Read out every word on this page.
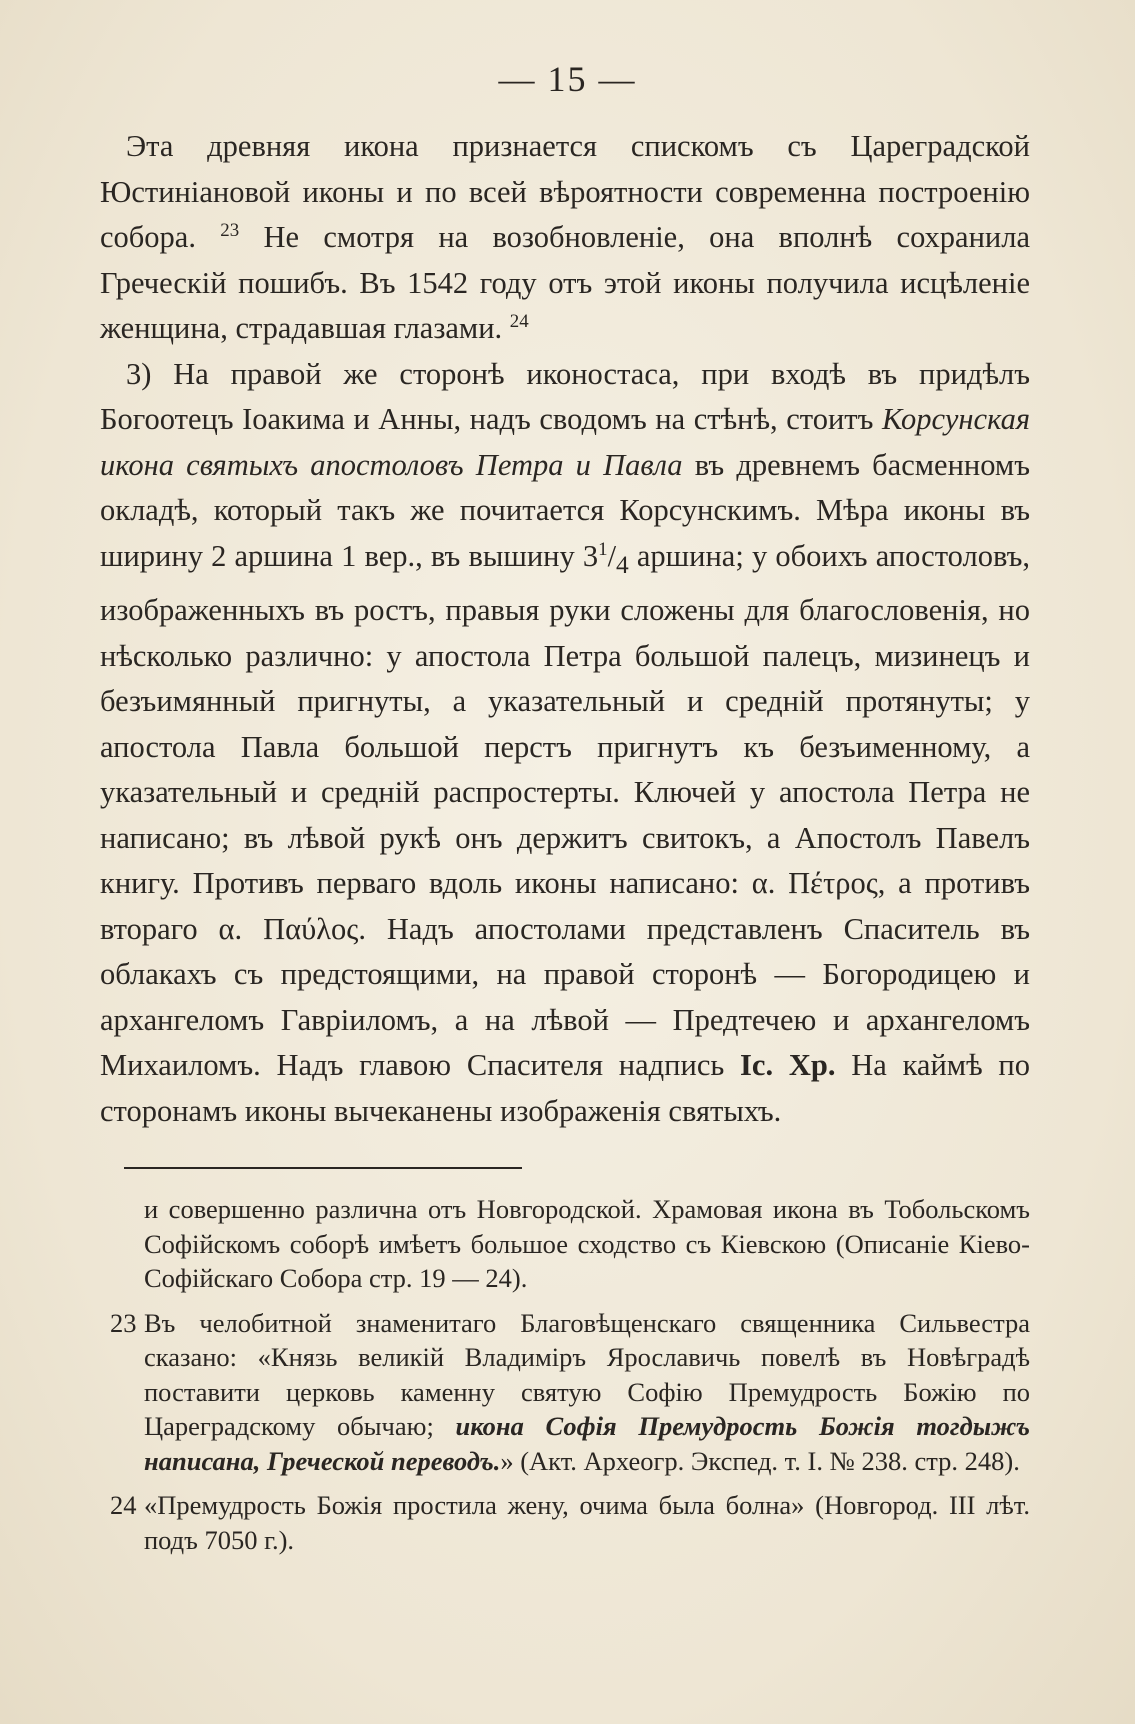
— 15 —

Эта древняя икона признается спискомъ съ Цареградской Юстиніановой иконы и по всей вѣроятности современна построенію собора. $^{23}$ Не смотря на возобновленіе, она вполнѣ сохранила Греческій пошибъ. Въ 1542 году отъ этой иконы получила исцѣленіе женщина, страдавшая глазами. $^{24}$

3) На правой же сторонѣ иконостаса, при входѣ въ придѣлъ Богоотецъ Іоакима и Анны, надъ сводомъ на стѣнѣ, стоитъ Корсунская икона святыхъ апостоловъ Петра и Павла въ древнемъ басменномъ окладѣ, который такъ же почитается Корсунскимъ. Мѣра иконы въ ширину 2 аршина 1 вер., въ вышину $3^1/_4$ аршина; у обоихъ апостоловъ, изображенныхъ въ ростъ, правыя руки сложены для благословенія, но нѣсколько различно: у апостола Петра большой палецъ, мизинецъ и безъимянный пригнуты, а указательный и средній протянуты; у апостола Павла большой перстъ пригнутъ къ безъименному, а указательный и средній распростерты. Ключей у апостола Петра не написано; въ лѣвой рукѣ онъ держитъ свитокъ, а Апостолъ Павелъ книгу. Противъ перваго вдоль иконы написано: α. Πέτρος, а противъ втораго α. Παύλος. Надъ апостолами представленъ Спаситель въ облакахъ съ предстоящими, на правой сторонѣ — Богородицею и архангеломъ Гавріиломъ, а на лѣвой — Предтечею и архангеломъ Михаиломъ. Надъ главою Спасителя надпись Іс. Хр. На каймѣ по сторонамъ иконы вычеканены изображенія святыхъ.

и совершенно различна отъ Новгородской. Храмовая икона въ Тобольскомъ Софійскомъ соборѣ имѣетъ большое сходство съ Кіевскою (Описаніе Кіево-Софійскаго Собора стр. 19 — 24).

23 Въ челобитной знаменитаго Благовѣщенскаго священника Сильвестра сказано: «Князь великій Владиміръ Ярославичь повелѣ въ Новѣградѣ поставити церковь каменну святую Софію Премудрость Божію по Цареградскому обычаю; икона Софія Премудрость Божія тогдыжъ написана, Греческой переводъ.» (Акт. Археогр. Экспед. т. I. № 238. стр. 248).

24 «Премудрость Божія простила жену, очима была болна» (Новгород. III лѣт. подъ 7050 г.).
